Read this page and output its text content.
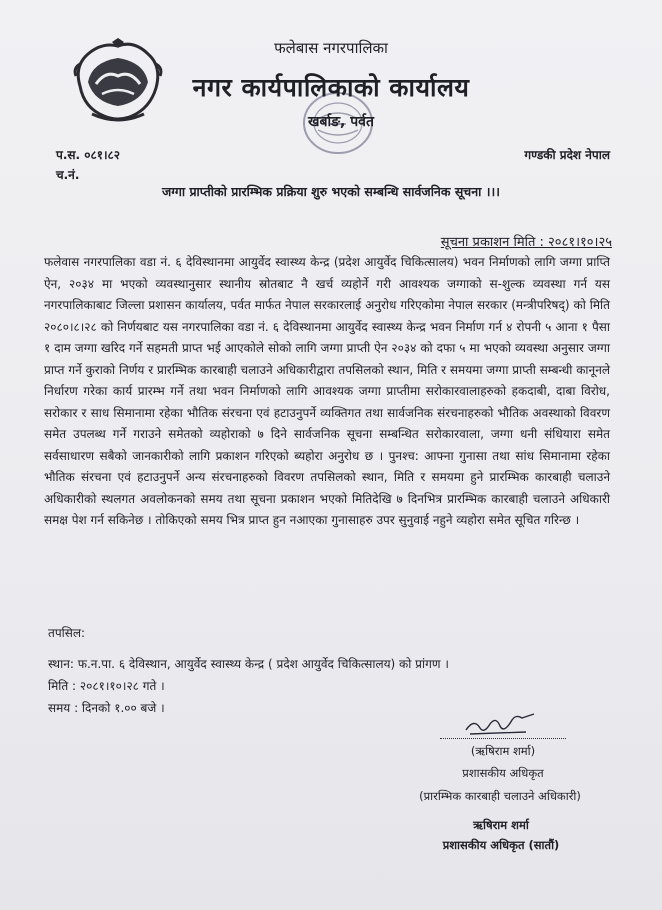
फलेबास नगरपालिका
नगर कार्यपालिकाको कार्यालय
खर्बाङ, पर्वत
प.स. ०८१।८२
च.नं.
गण्डकी प्रदेश नेपाल
जग्गा प्राप्तीको प्रारम्भिक प्रक्रिया शुरु भएको सम्बन्धि सार्वजनिक सूचना ।।।
सूचना प्रकाशन मिति : २०८१।१०।२५
फलेवास नगरपालिका वडा नं. ६ देविस्थानमा आयुर्वेद स्वास्थ्य केन्द्र (प्रदेश आयुर्वेद चिकित्सालय) भवन निर्माणको लागि जग्गा प्राप्ति ऐन, २०३४ मा भएको व्यवस्थानुसार स्थानीय स्रोतबाट नै खर्च व्यहोर्ने गरी आवश्यक जग्गाको स-शुल्क व्यवस्था गर्न यस नगरपालिकाबाट जिल्ला प्रशासन कार्यालय, पर्वत मार्फत नेपाल सरकारलाई अनुरोध गरिएकोमा नेपाल सरकार (मन्त्रीपरिषद्) को मिति २०८०।८।२८ को निर्णयबाट यस नगरपालिका वडा नं. ६ देविस्थानमा आयुर्वेद स्वास्थ्य केन्द्र भवन निर्माण गर्न ४ रोपनी ५ आना १ पैसा १ दाम जग्गा खरिद गर्ने सहमती प्राप्त भई आएकोले सोको लागि जग्गा प्राप्ती ऐन २०३४ को दफा ५ मा भएको व्यवस्था अनुसार जग्गा प्राप्त गर्ने कुराको निर्णय र प्रारम्भिक कारबाही चलाउने अधिकारीद्वारा तपसिलको स्थान, मिति र समयमा जग्गा प्राप्ती सम्बन्धी कानूनले निर्धारण गरेका कार्य प्रारम्भ गर्ने तथा भवन निर्माणको लागि आवश्यक जग्गा प्राप्तीमा सरोकारवालाहरुको हकदाबी, दाबा विरोध, सरोकार र साध सिमानामा रहेका भौतिक संरचना एवं हटाउनुपर्ने व्यक्तिगत तथा सार्वजनिक संरचनाहरुको भौतिक अवस्थाको विवरण समेत उपलब्ध गर्ने गराउने समेतको व्यहोराको ७ दिने सार्वजनिक सूचना सम्बन्धित सरोकारवाला, जग्गा धनी संधियारा समेत सर्वसाधारण सबैको जानकारीको लागि प्रकाशन गरिएको ब्यहोरा अनुरोध छ । पुनश्च: आफ्ना गुनासा तथा सांध सिमानामा रहेका भौतिक संरचना एवं हटाउनुपर्ने अन्य संरचनाहरुको विवरण तपसिलको स्थान, मिति र समयमा हुने प्रारम्भिक कारबाही चलाउने अधिकारीको स्थलगत अवलोकनको समय तथा सूचना प्रकाशन भएको मितिदेखि ७ दिनभित्र प्रारम्भिक कारबाही चलाउने अधिकारी समक्ष पेश गर्न सकिनेछ । तोकिएको समय भित्र प्राप्त हुन नआएका गुनासाहरु उपर सुनुवाई नहुने व्यहोरा समेत सूचित गरिन्छ ।
तपसिल:
स्थान: फ.न.पा. ६ देविस्थान, आयुर्वेद स्वास्थ्य केन्द्र ( प्रदेश आयुर्वेद चिकित्सालय) को प्रांगण ।
मिति : २०८१।१०।२८ गते ।
समय : दिनको १.०० बजे ।
(ऋषिराम शर्मा)
प्रशासकीय अधिकृत
(प्रारम्भिक कारबाही चलाउने अधिकारी)
ऋषिराम शर्मा
प्रशासकीय अधिकृत (सातौं)
